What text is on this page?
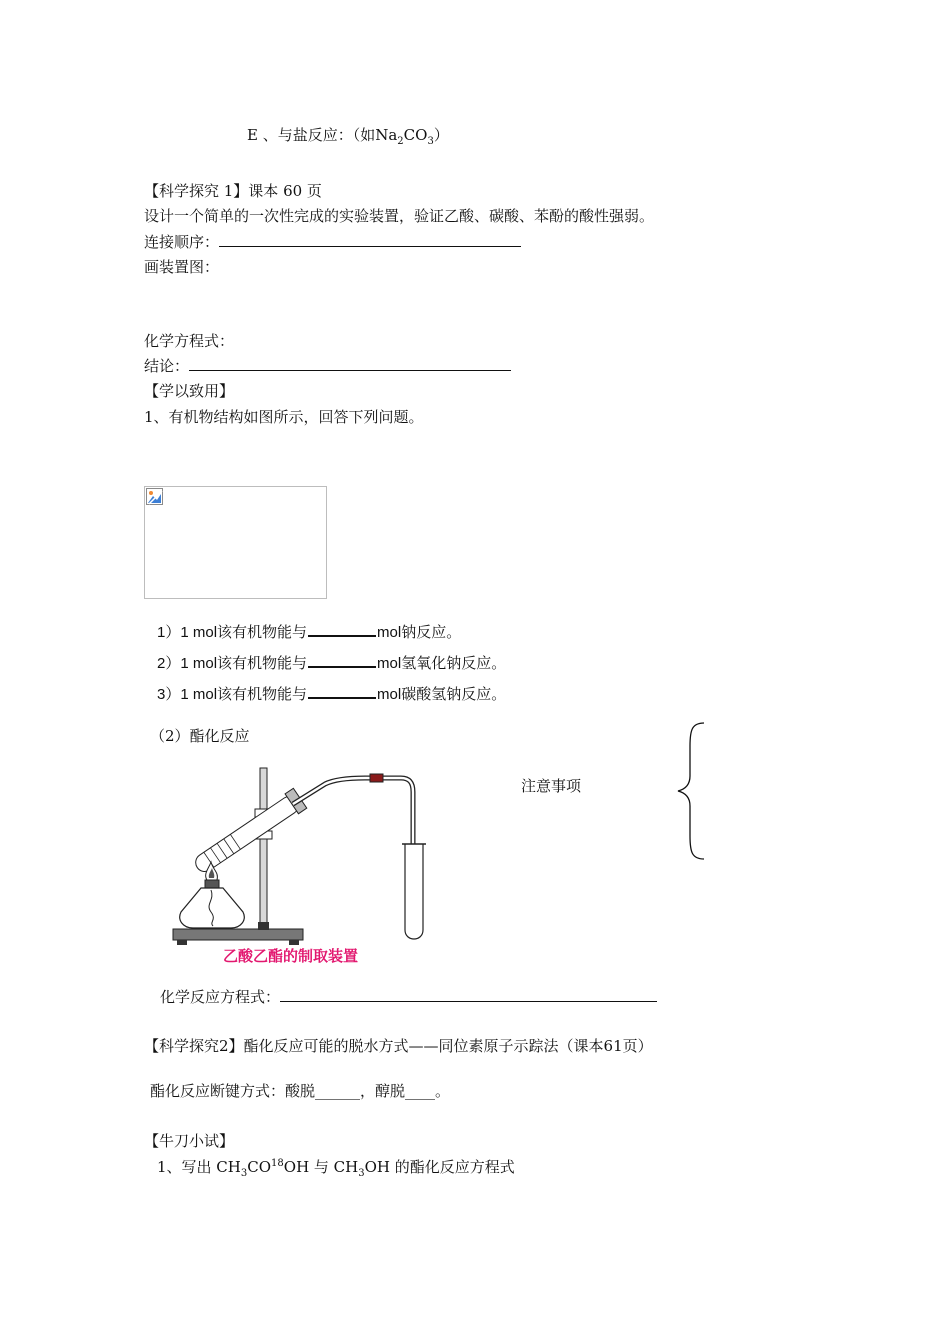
E 、与盐反应：（如$Na_2CO_3$）
【科学探究 1】课本 60 页
设计一个简单的一次性完成的实验装置，验证乙酸、碳酸、苯酚的酸性强弱。
连接顺序：
画装置图：
化学方程式：
结论：
【学以致用】
1、有机物结构如图所示，回答下列问题。
1）1 mol该有机物能与	mol钠反应。
2）1 mol该有机物能与	mol氢氧化钠反应。
3）1 mol该有机物能与	mol碳酸氢钠反应。
（2）酯化反应
注意事项
乙酸乙酯的制取装置
化学反应方程式：
【科学探究2】酯化反应可能的脱水方式——同位素原子示踪法（课本61页）
酯化反应断键方式：酸脱______，醇脱____。
【牛刀小试】
1、写出 $CH_3CO^{18}OH$ 与 $CH_3OH$ 的酯化反应方程式
